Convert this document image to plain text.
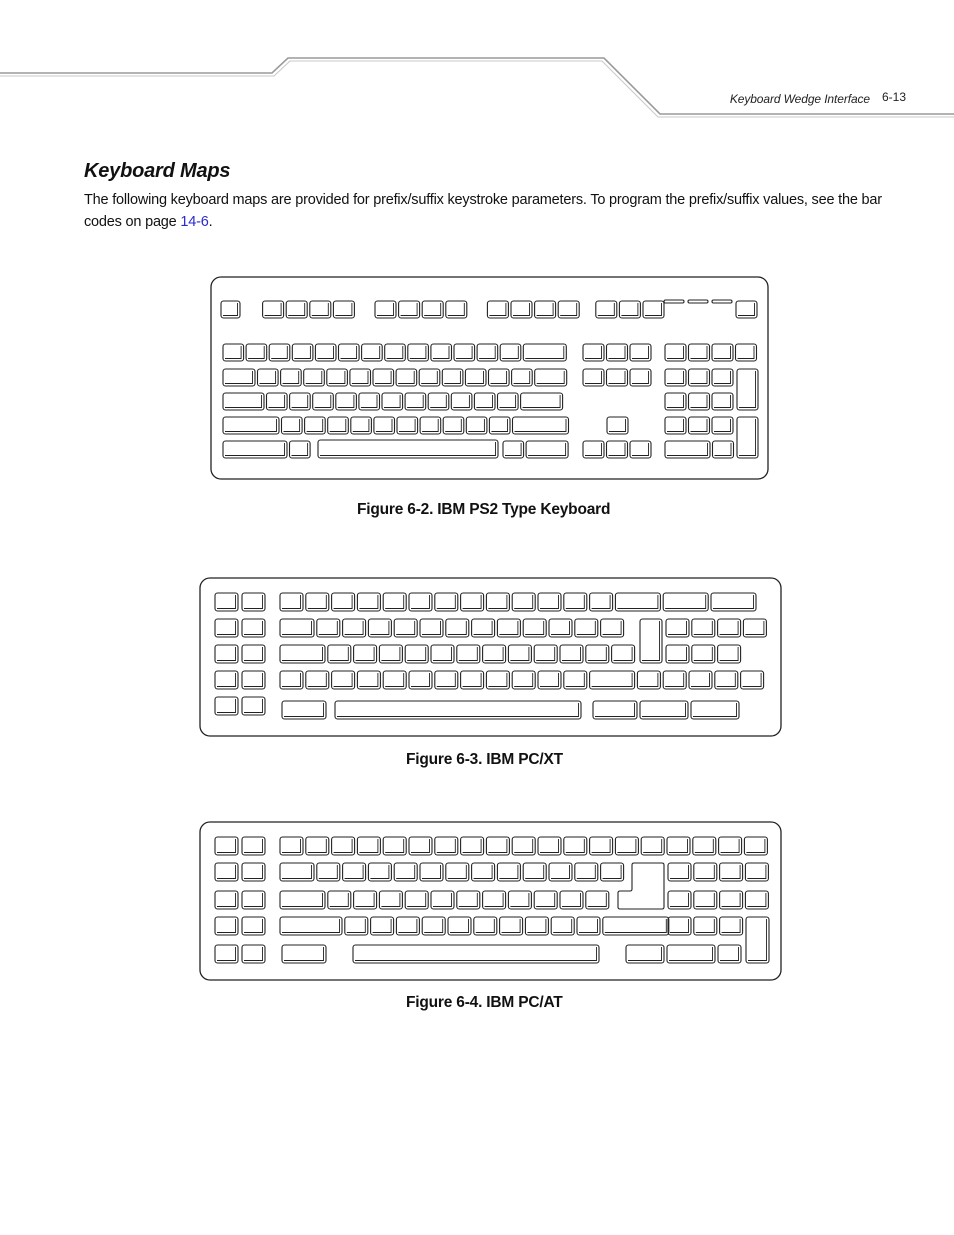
Keyboard Wedge Interface 6-13
Keyboard Maps

The following keyboard maps are provided for prefix/suffix keystroke parameters. To program the prefix/suffix values, see the bar codes on page 14-6.

Figure 6-2. IBM PS2 Type Keyboard

Figure 6-3. IBM PC/XT

Figure 6-4. IBM PC/AT
